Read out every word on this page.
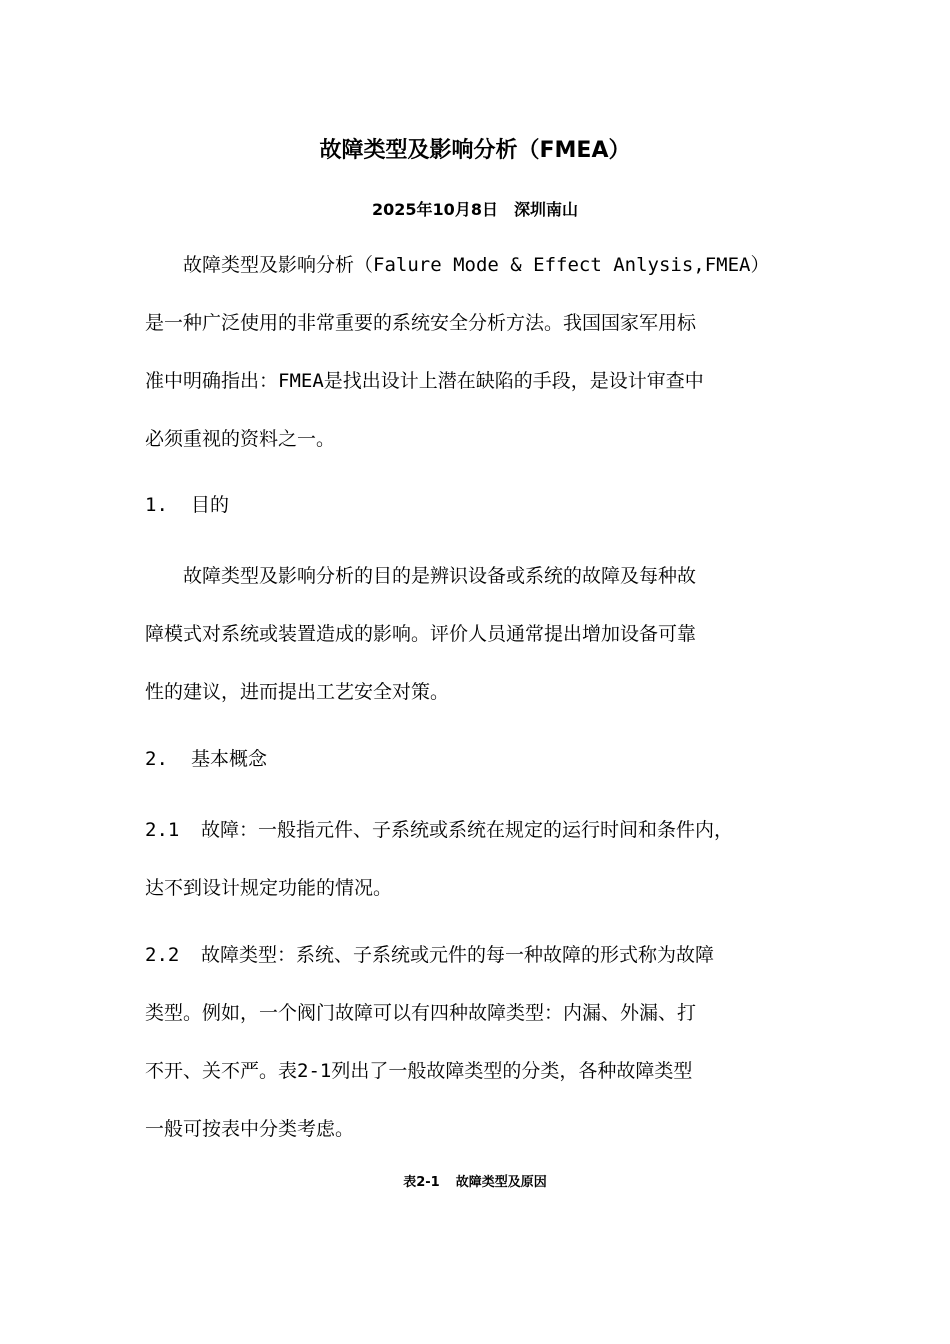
故障类型及影响分析（FMEA）
2025年10月8日 深圳南山
故障类型及影响分析（Falure Mode & Effect Anlysis,FMEA）
是一种广泛使用的非常重要的系统安全分析方法。我国国家军用标
准中明确指出：FMEA是找出设计上潜在缺陷的手段，是设计审查中
必须重视的资料之一。
1. 目的
故障类型及影响分析的目的是辨识设备或系统的故障及每种故
障模式对系统或装置造成的影响。评价人员通常提出增加设备可靠
性的建议，进而提出工艺安全对策。
2. 基本概念
2.1 故障：一般指元件、子系统或系统在规定的运行时间和条件内，
达不到设计规定功能的情况。
2.2 故障类型：系统、子系统或元件的每一种故障的形式称为故障
类型。例如，一个阀门故障可以有四种故障类型：内漏、外漏、打
不开、关不严。表2-1列出了一般故障类型的分类，各种故障类型
一般可按表中分类考虑。
表2-1 故障类型及原因
